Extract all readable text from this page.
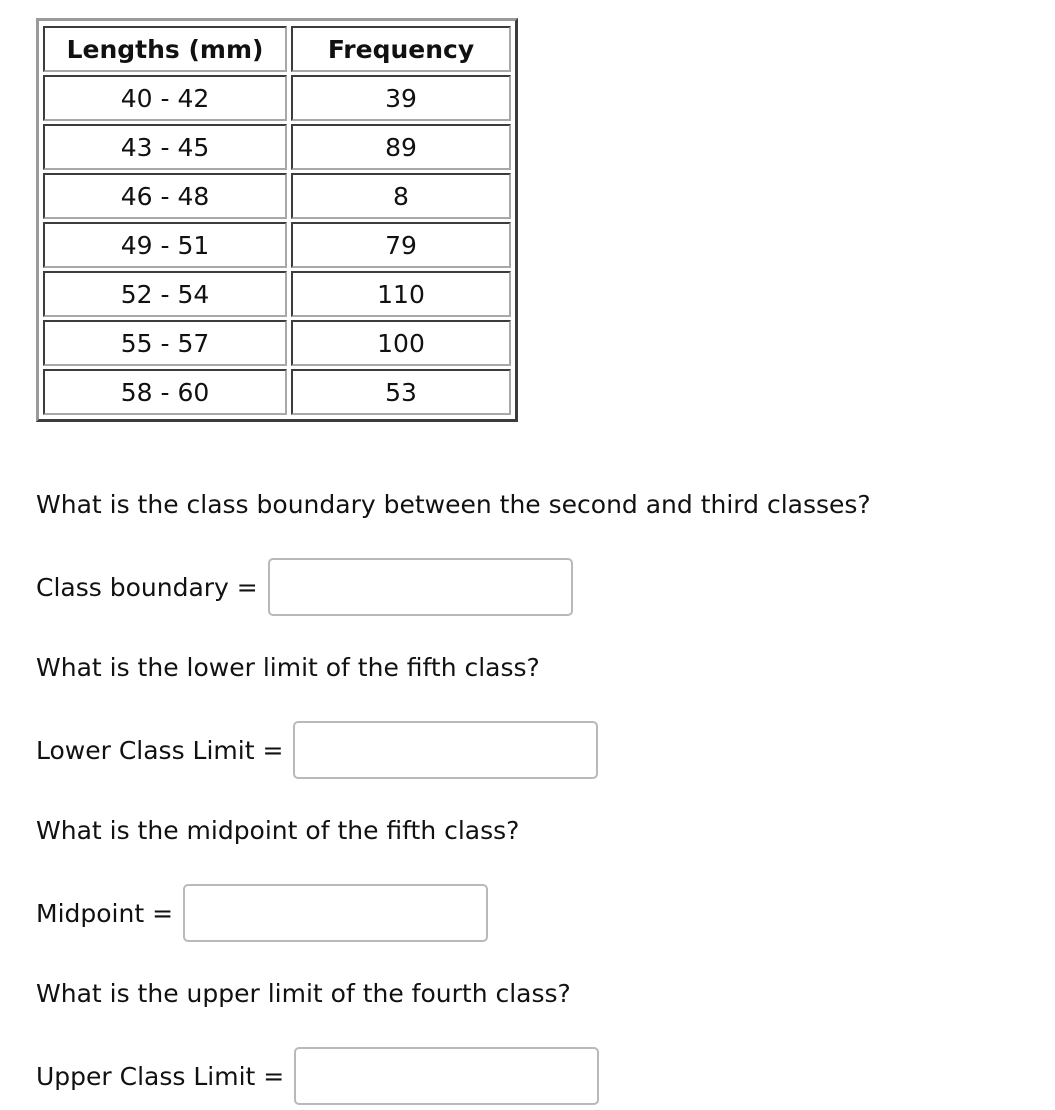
Lengths (mm)	Frequency
40 - 42	39
43 - 45	89
46 - 48	8
49 - 51	79
52 - 54	110
55 - 57	100
58 - 60	53

What is the class boundary between the second and third classes?

Class boundary =

What is the lower limit of the fifth class?

Lower Class Limit =

What is the midpoint of the fifth class?

Midpoint =

What is the upper limit of the fourth class?

Upper Class Limit =
